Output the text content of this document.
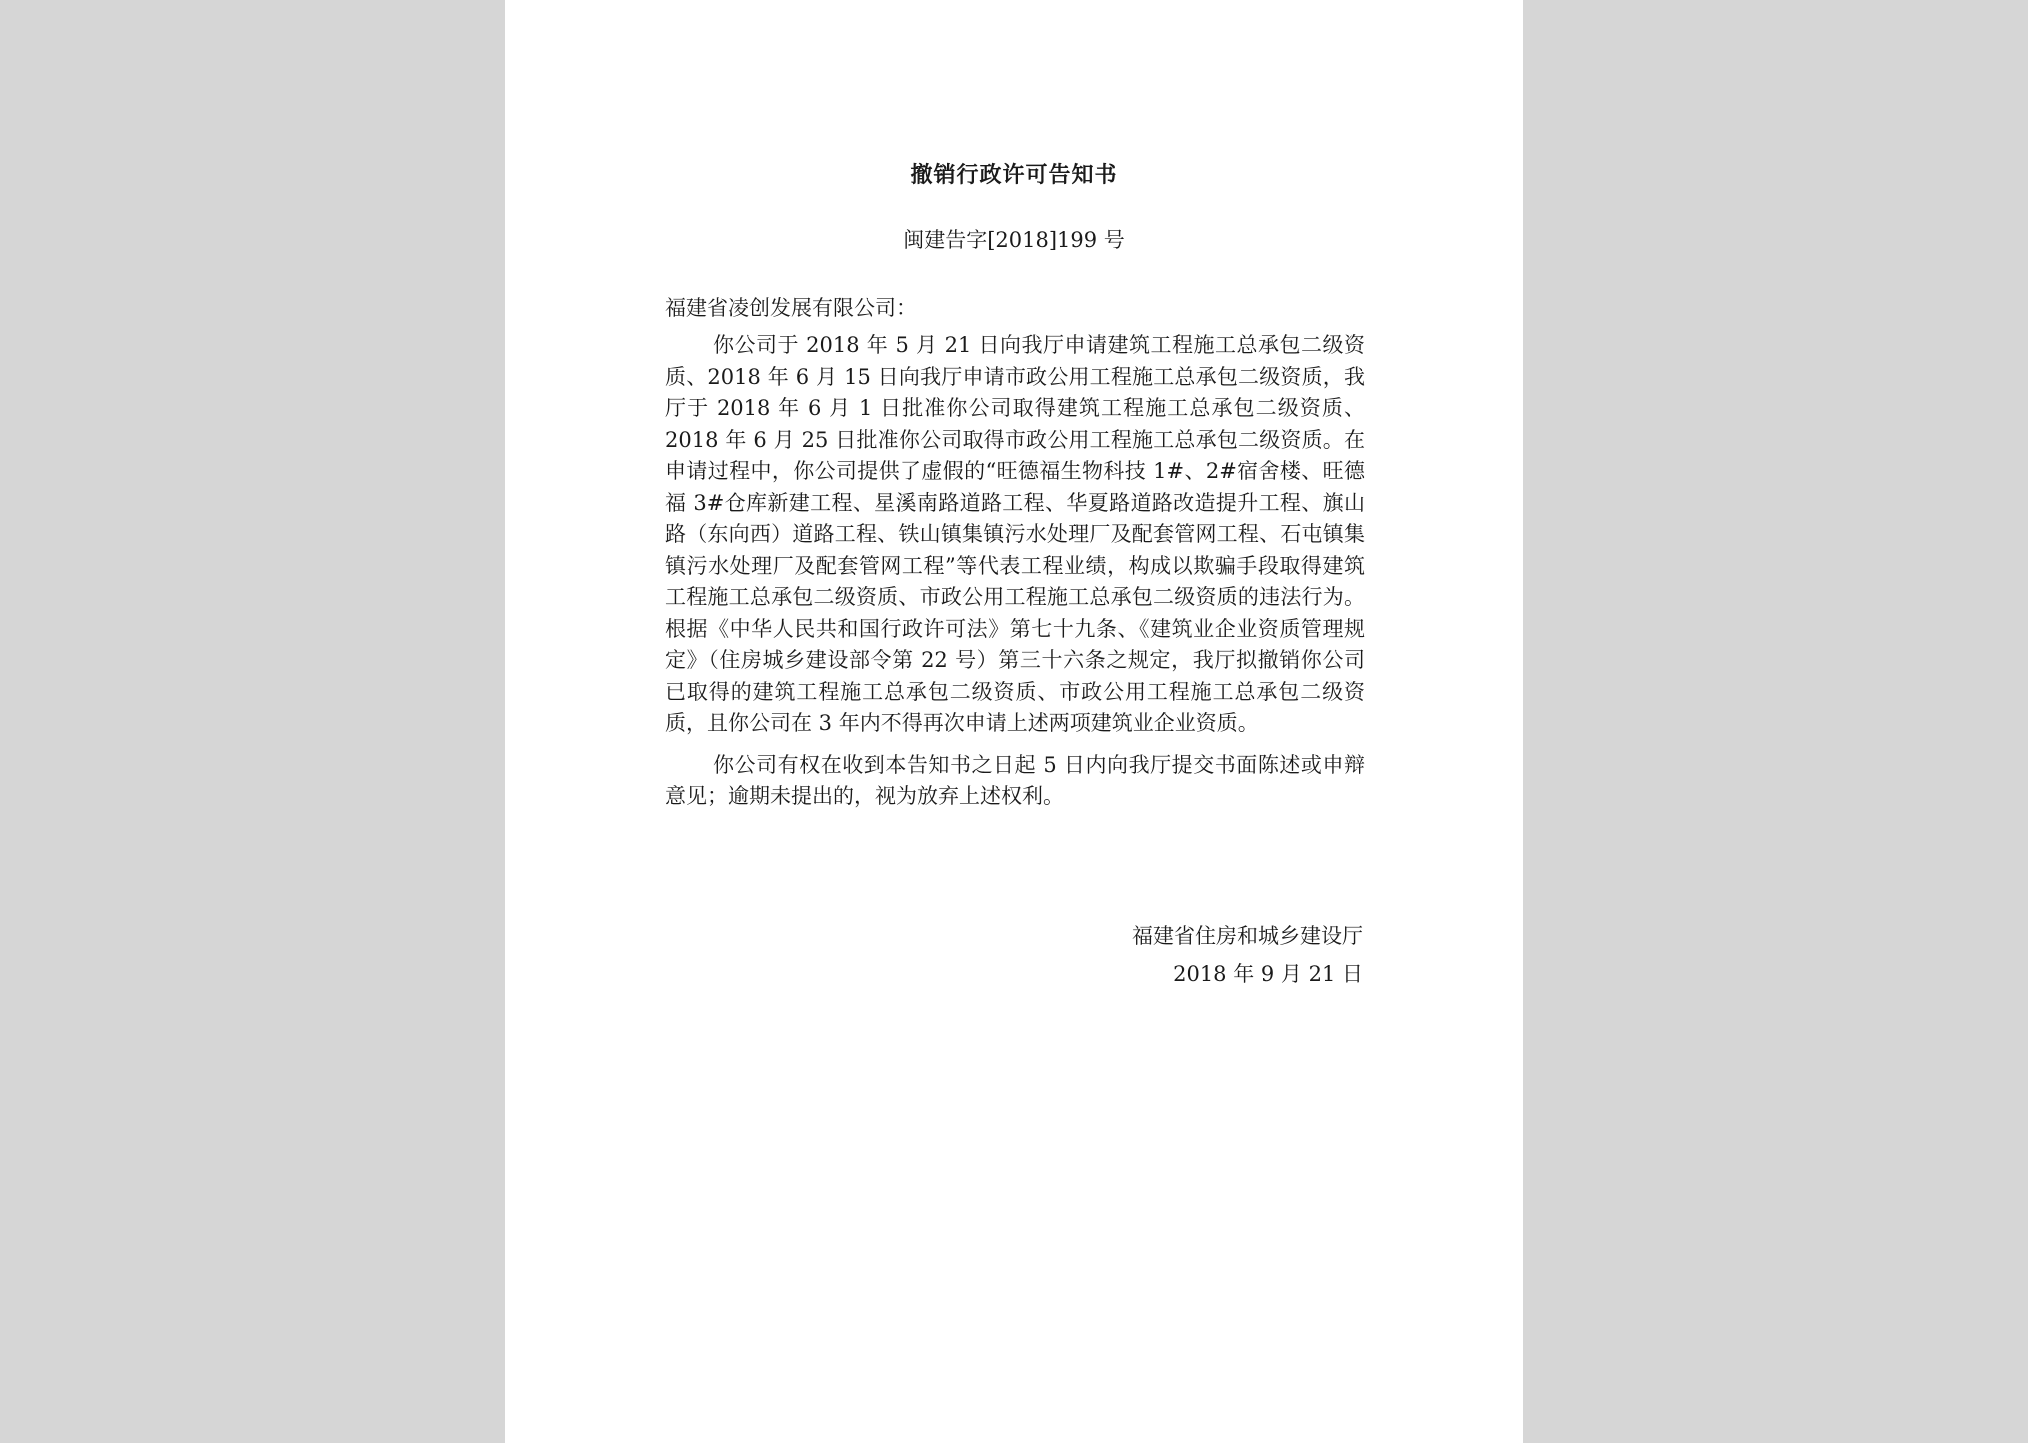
撤销行政许可告知书
闽建告字[2018]199 号
福建省凌创发展有限公司：

你公司于 2018 年 5 月 21 日向我厅申请建筑工程施工总承包二级资质、2018 年 6 月 15 日向我厅申请市政公用工程施工总承包二级资质，我厅于 2018 年 6 月 1 日批准你公司取得建筑工程施工总承包二级资质、2018 年 6 月 25 日批准你公司取得市政公用工程施工总承包二级资质。在申请过程中，你公司提供了虚假的“旺德福生物科技 1#、2#宿舍楼、旺德福 3#仓库新建工程、星溪南路道路工程、华夏路道路改造提升工程、旗山路（东向西）道路工程、铁山镇集镇污水处理厂及配套管网工程、石屯镇集镇污水处理厂及配套管网工程”等代表工程业绩，构成以欺骗手段取得建筑工程施工总承包二级资质、市政公用工程施工总承包二级资质的违法行为。根据《中华人民共和国行政许可法》第七十九条、《建筑业企业资质管理规定》（住房城乡建设部令第 22 号）第三十六条之规定，我厅拟撤销你公司已取得的建筑工程施工总承包二级资质、市政公用工程施工总承包二级资质，且你公司在 3 年内不得再次申请上述两项建筑业企业资质。

你公司有权在收到本告知书之日起 5 日内向我厅提交书面陈述或申辩意见；逾期未提出的，视为放弃上述权利。

福建省住房和城乡建设厅
2018 年 9 月 21 日
